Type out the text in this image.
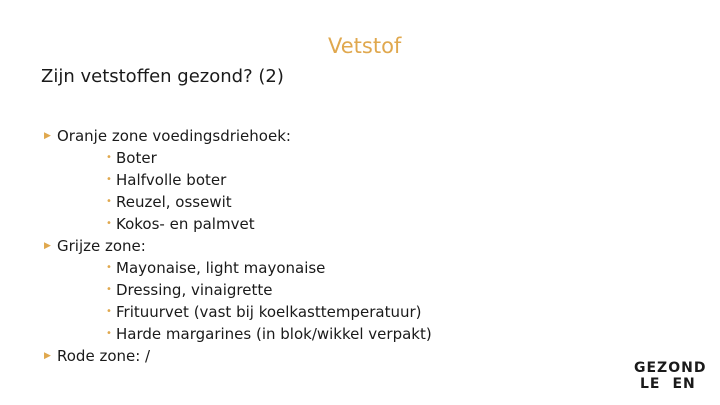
Vetstof
Zijn vetstoffen gezond? (2)
▶ Oranje zone voedingsdriehoek:
• Boter
• Halfvolle boter
• Reuzel, ossewit
• Kokos- en palmvet
▶ Grijze zone:
• Mayonaise, light mayonaise
• Dressing, vinaigrette
• Frituurvet (vast bij koelkasttemperatuur)
• Harde margarines (in blok/wikkel verpakt)
▶ Rode zone: /
GEZOND
LE EN
